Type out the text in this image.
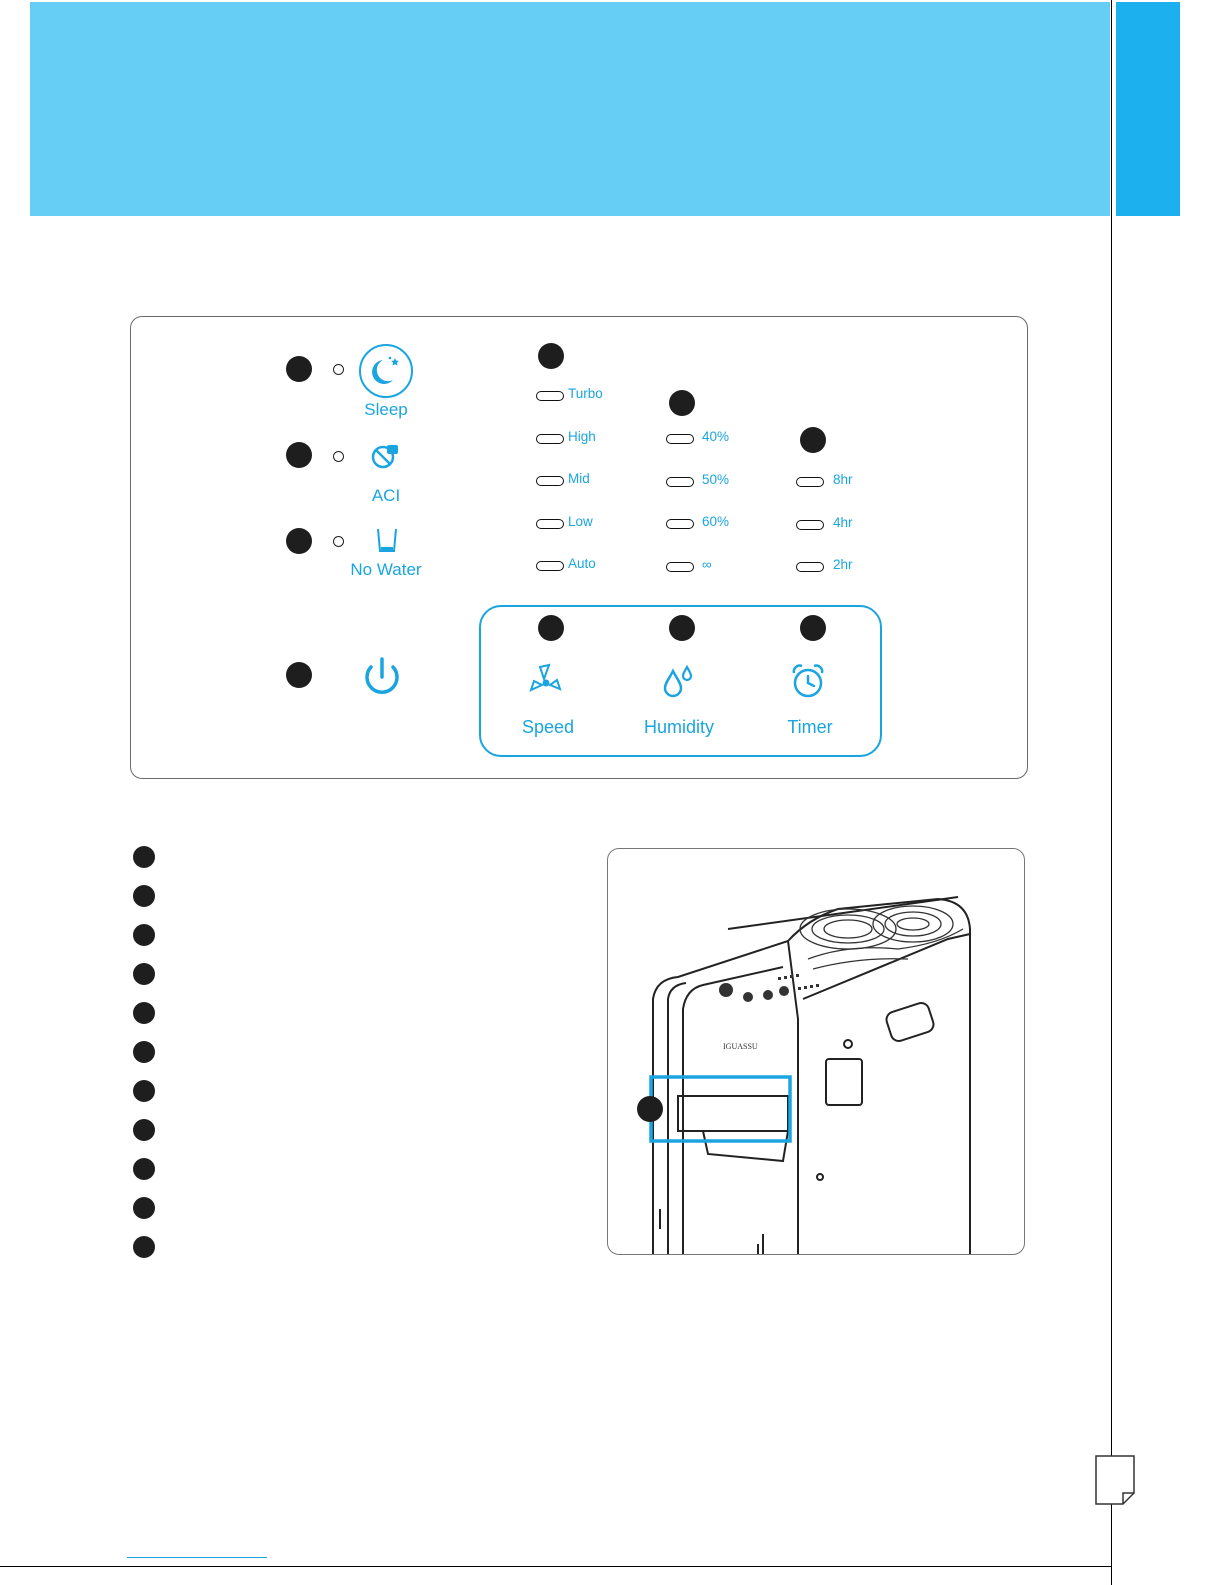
Sleep
ACI
No Water
Turbo
High
Mid
Low
Auto
40%
50%
60%
∞
8hr
4hr
2hr
Speed	Humidity	Timer
IGUASSU
